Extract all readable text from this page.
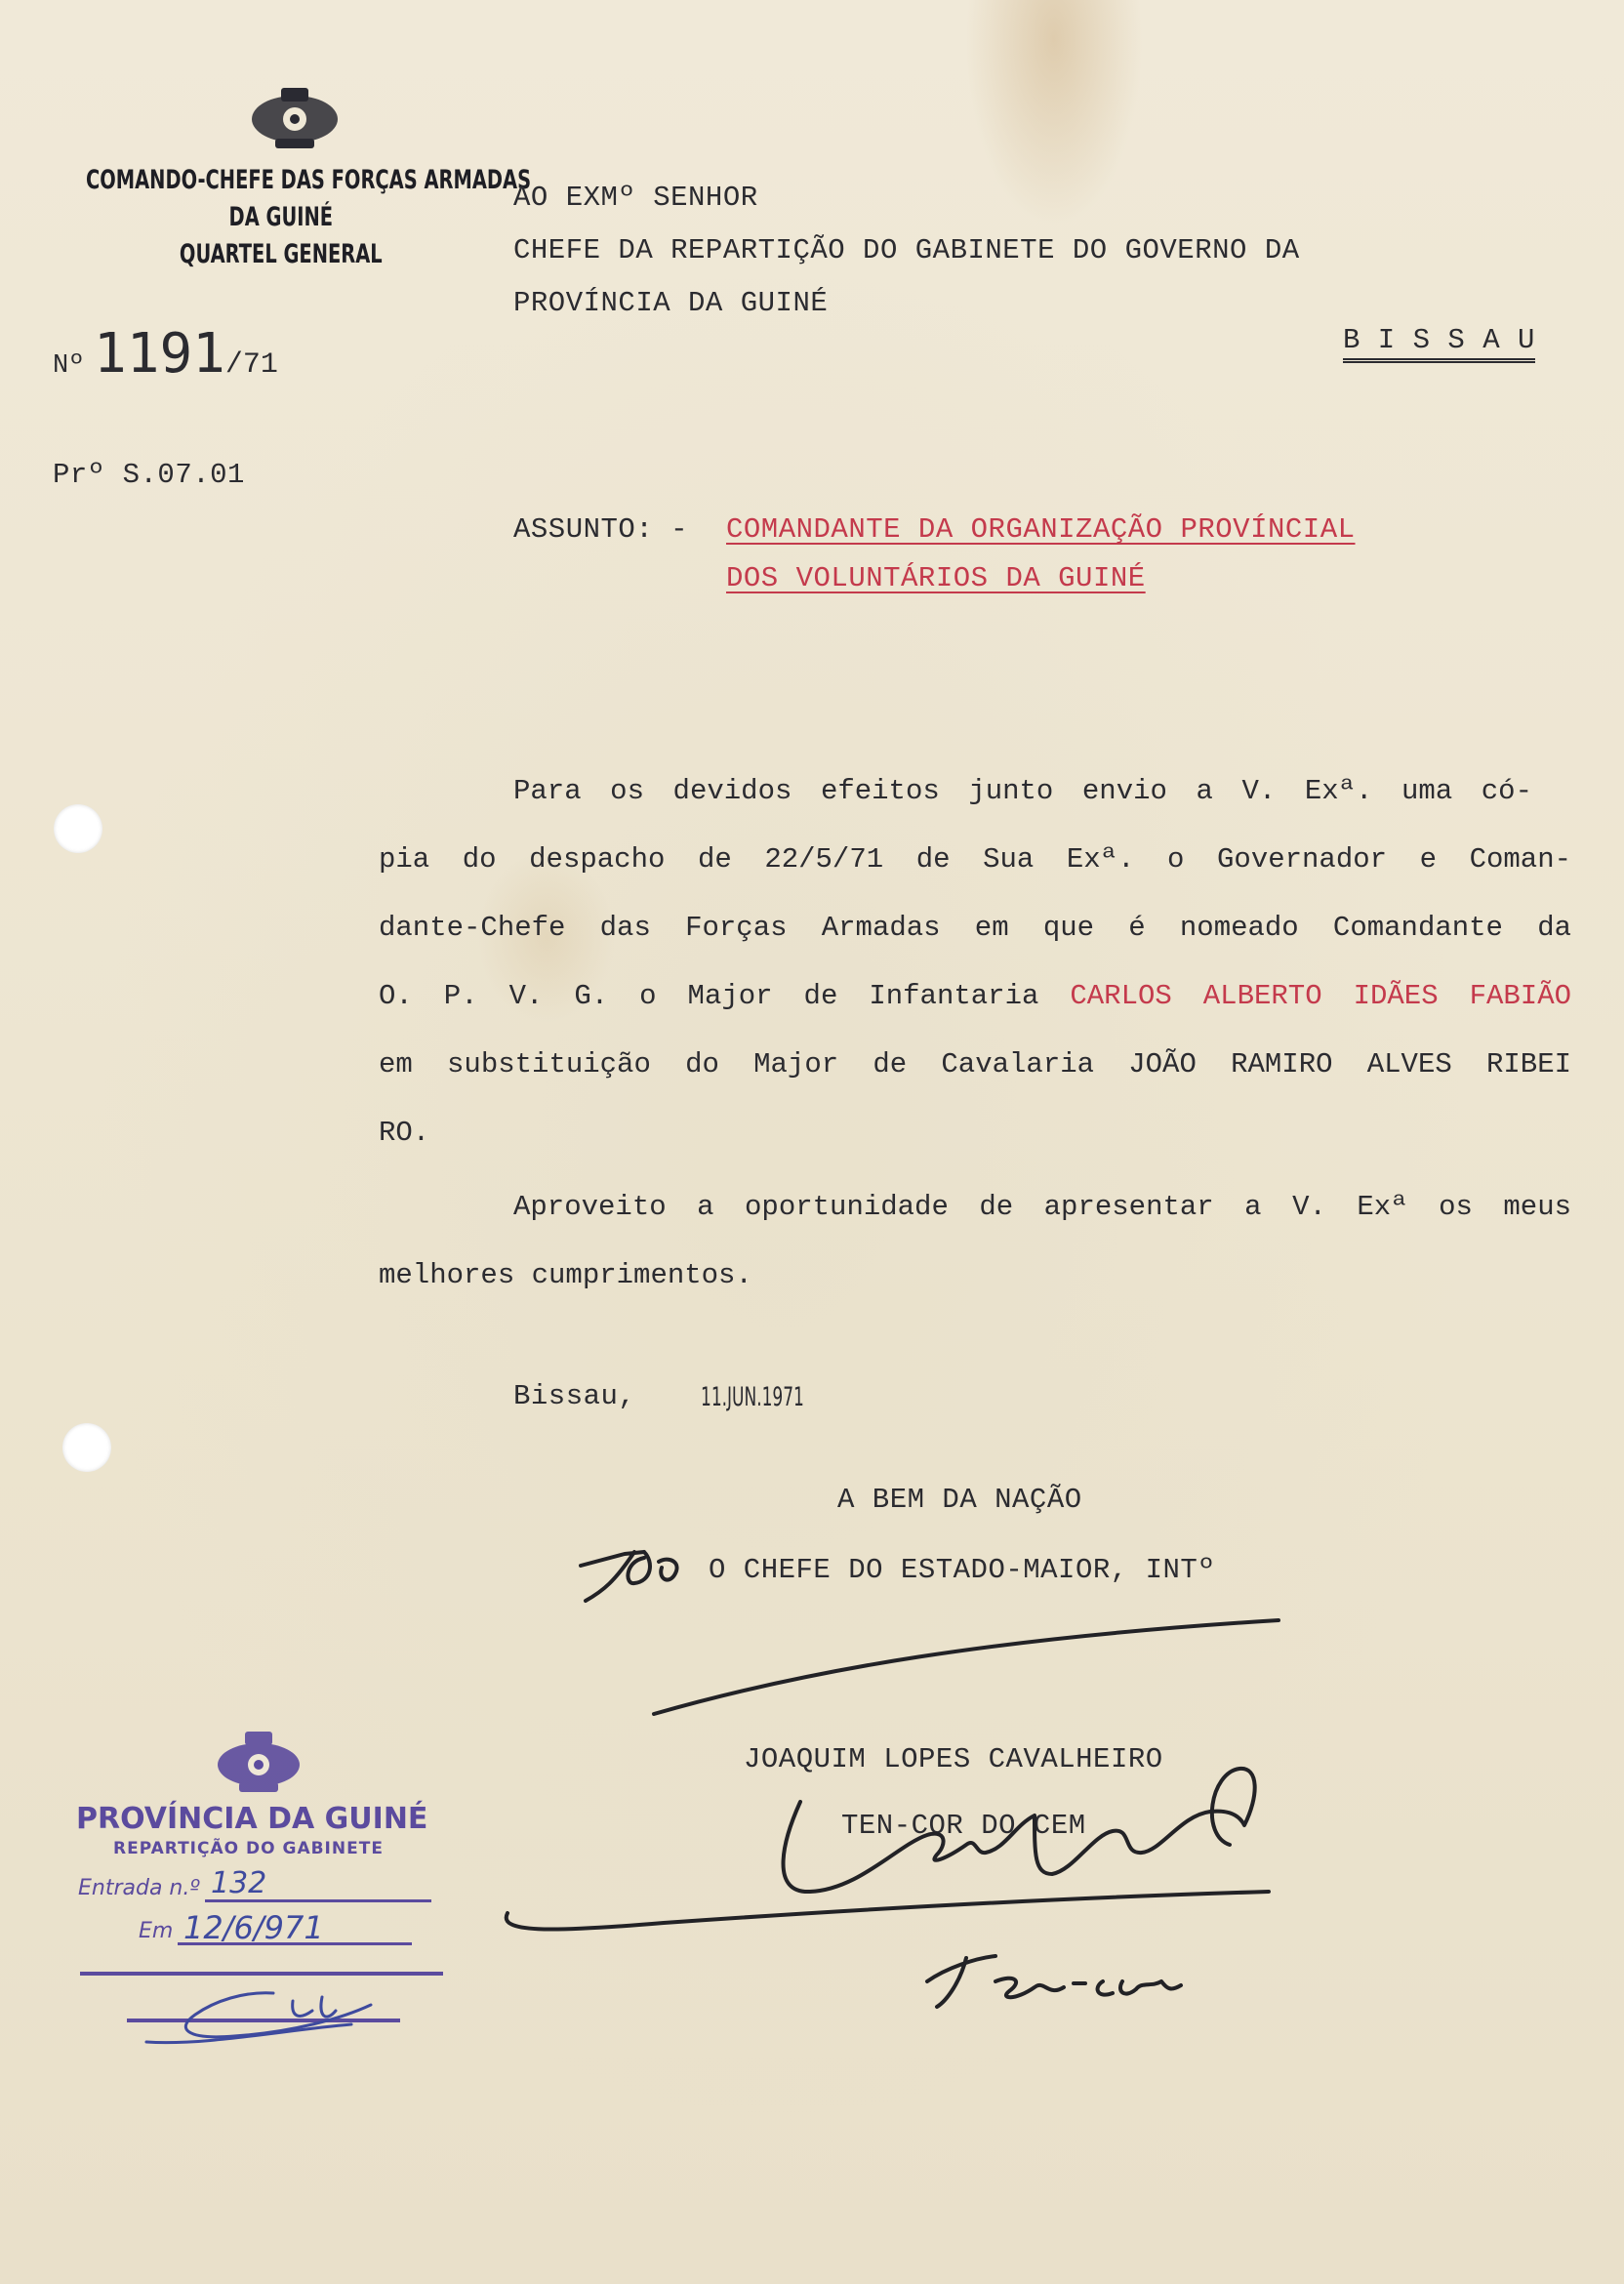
COMANDO-CHEFE DAS FORÇAS ARMADAS
DA GUINÉ
QUARTEL GENERAL
Nº 1191/71
Prº S.07.01
AO EXMº SENHOR
CHEFE DA REPARTIÇÃO DO GABINETE DO GOVERNO DA
PROVÍNCIA DA GUINÉ
B I S S A U
ASSUNTO: - COMANDANTE DA ORGANIZAÇÃO PROVÍNCIAL
DOS VOLUNTÁRIOS DA GUINÉ
Para os devidos efeitos junto envio a V. Exª. uma có-
pia do despacho de 22/5/71 de Sua Exª. o Governador e Coman-
dante-Chefe das Forças Armadas em que é nomeado Comandante da
O. P. V. G. o Major de Infantaria CARLOS ALBERTO IDÃES FABIÃO
em substituição do Major de Cavalaria JOÃO RAMIRO ALVES RIBEI
RO.
Aproveito a oportunidade de apresentar a V. Exª os meus
melhores cumprimentos.
Bissau, 11.JUN.1971
A BEM DA NAÇÃO
O CHEFE DO ESTADO-MAIOR, INTº
JOAQUIM LOPES CAVALHEIRO
TEN-COR DO CEM
PROVÍNCIA DA GUINÉ
REPARTIÇÃO DO GABINETE
Entrada n.º 132
Em 12/6/971
